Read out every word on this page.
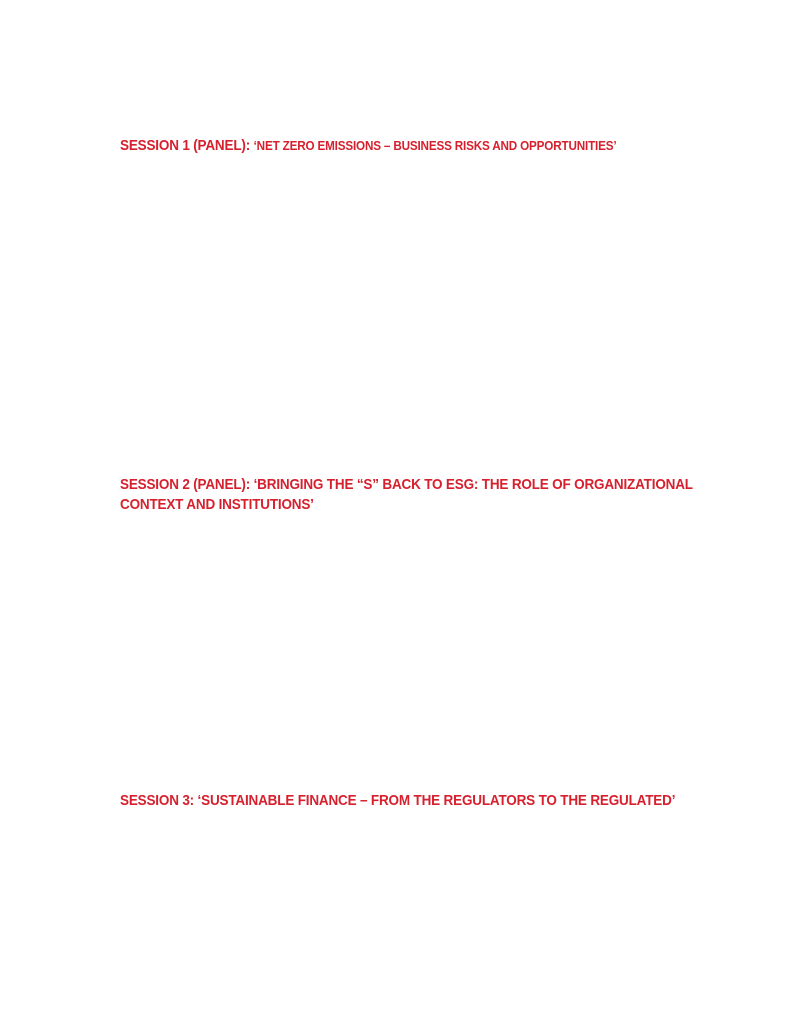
SESSION 1 (PANEL): ‘NET ZERO EMISSIONS – BUSINESS RISKS AND OPPORTUNITIES’
SESSION 2 (PANEL): ‘BRINGING THE “S” BACK TO ESG: THE ROLE OF ORGANIZATIONAL CONTEXT AND INSTITUTIONS’
SESSION 3: ‘SUSTAINABLE FINANCE – FROM THE REGULATORS TO THE REGULATED’
